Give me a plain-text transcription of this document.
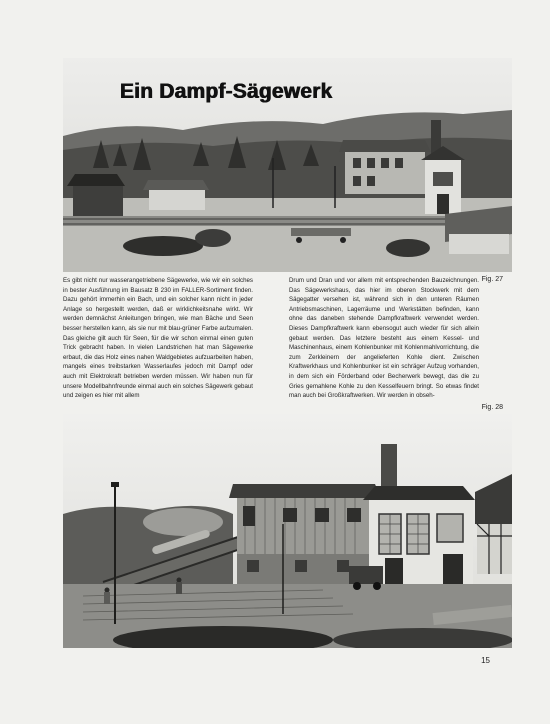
Ein Dampf-Sägewerk
Fig. 27
Es gibt nicht nur wasserangetriebene Sägewerke, wie wir ein solches in bester Ausführung im Bausatz B 230 im FALLER-Sortiment finden. Dazu gehört immerhin ein Bach, und ein solcher kann nicht in jeder Anlage so hergestellt werden, daß er wirklichkeitsnahe wirkt. Wir werden demnächst Anleitungen bringen, wie man Bäche und Seen besser herstellen kann, als sie nur mit blau-grüner Farbe aufzumalen. Das gleiche gilt auch für Seen, für die wir schon einmal einen guten Trick gebracht haben. In vielen Landstrichen hat man Sägewerke erbaut, die das Holz eines nahen Waldgebietes aufzuarbeiten haben, mangels eines treibstarken Wasserlaufes jedoch mit Dampf oder auch mit Elektrokraft betrieben werden müssen. Wir haben nun für unsere Modellbahnfreunde einmal auch ein solches Sägewerk gebaut und zeigen es hier mit allem
Drum und Dran und vor allem mit entsprechenden Bauzeichnungen. Das Sägewerkshaus, das hier im oberen Stockwerk mit dem Sägegatter versehen ist, während sich in den unteren Räumen Antriebsmaschinen, Lagerräume und Werkstätten befinden, kann ohne das daneben stehende Dampfkraftwerk verwendet werden. Dieses Dampfkraftwerk kann ebensogut auch wieder für sich allein gebaut werden. Das letztere besteht aus einem Kessel- und Maschinenhaus, einem Kohlenbunker mit Kohlenmahlvorrichtung, die zum Zerkleinern der angelieferten Kohle dient. Zwischen Kraftwerkhaus und Kohlenbunker ist ein schräger Aufzug vorhanden, in dem sich ein Förderband oder Becherwerk bewegt, das die zu Gries gemahlene Kohle zu den Kesselfeuern bringt. So etwas findet man auch bei Großkraftwerken. Wir werden in obseh-
Fig. 28
15
